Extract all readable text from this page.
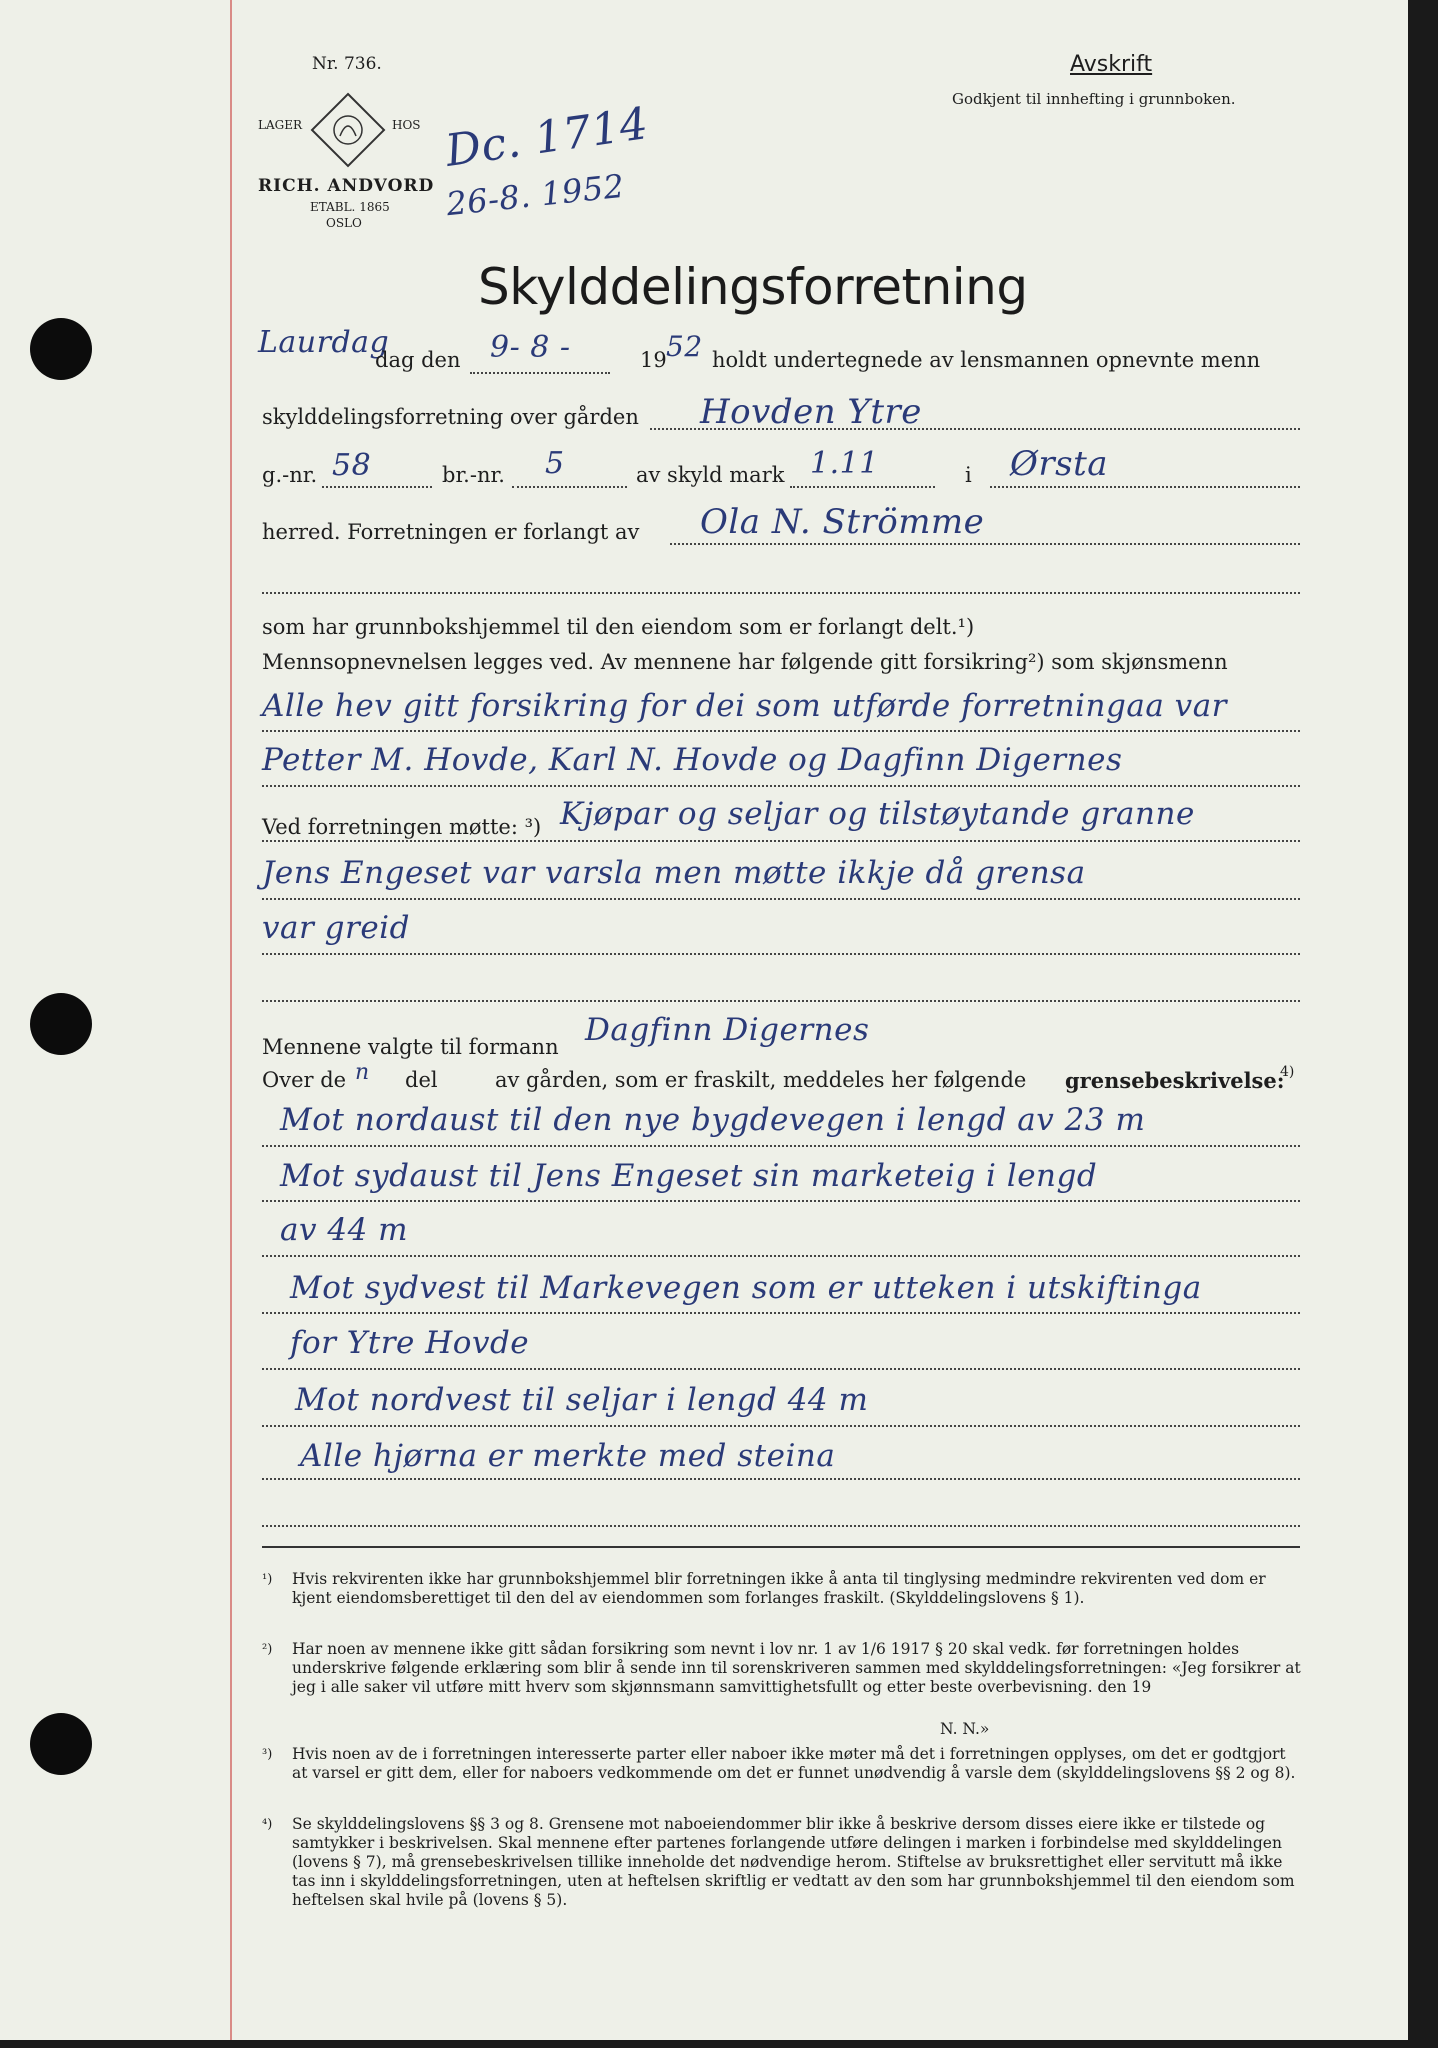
Nr. 736.
LAGER	HOS
RICH. ANDVORD
ETABL. 1865
OSLO
Avskrift
Godkjent til innhefting i grunnboken.
Dc. 1714
26-8. 1952
Skylddelingsforretning
Laurdag
dag den 9- 8 -	19 52 holdt undertegnede av lensmannen opnevnte menn
skylddelingsforretning over gården Hovden Ytre
g.-nr. 58	br.-nr. 5	av skyld mark 1.11	i Ørsta
herred. Forretningen er forlangt av Ola N. Strömme
som har grunnbokshjemmel til den eiendom som er forlangt delt.¹)
Mennsopnevnelsen legges ved. Av mennene har følgende gitt forsikring²) som skjønsmenn
Alle hev gitt forsikring for dei som utførde forretningaa var
Petter M. Hovde, Karl N. Hovde og Dagfinn Digernes
Ved forretningen møtte: ³) Kjøpar og seljar og tilstøytande granne
Jens Engeset var varsla men møtte ikkje då grensa
var greid
Mennene valgte til formann Dagfinn Digernes
Over de n del	av gården, som er fraskilt, meddeles her følgende grensebeskrivelse:
4)
Mot nordaust til den nye bygdevegen i lengd av 23 m
Mot sydaust til Jens Engeset sin marketeig i lengd
av 44 m
Mot sydvest til Markevegen som er utteken i utskiftinga
for Ytre Hovde
Mot nordvest til seljar i lengd 44 m
Alle hjørna er merkte med steina
¹) Hvis rekvirenten ikke har grunnbokshjemmel blir forretningen ikke å anta til tinglysing medmindre rekvirenten ved dom er kjent eiendomsberettiget til den del av eiendommen som forlanges fraskilt. (Skylddelingslovens § 1).
²) Har noen av mennene ikke gitt sådan forsikring som nevnt i lov nr. 1 av 1/6 1917 § 20 skal vedk. før forretningen holdes underskrive følgende erklæring som blir å sende inn til sorenskriveren sammen med skylddelingsforretningen: «Jeg forsikrer at jeg i alle saker vil utføre mitt hverv som skjønnsmann samvittighetsfullt og etter beste overbevisning. den 19
N. N.»
³) Hvis noen av de i forretningen interesserte parter eller naboer ikke møter må det i forretningen opplyses, om det er godtgjort at varsel er gitt dem, eller for naboers vedkommende om det er funnet unødvendig å varsle dem (skylddelingslovens §§ 2 og 8).
⁴) Se skylddelingslovens §§ 3 og 8. Grensene mot naboeiendommer blir ikke å beskrive dersom disses eiere ikke er tilstede og samtykker i beskrivelsen. Skal mennene efter partenes forlangende utføre delingen i marken i forbindelse med skylddelingen (lovens § 7), må grensebeskrivelsen tillike inneholde det nødvendige herom. Stiftelse av bruksrettighet eller servitutt må ikke tas inn i skylddelingsforretningen, uten at heftelsen skriftlig er vedtatt av den som har grunnbokshjemmel til den eiendom som heftelsen skal hvile på (lovens § 5).
